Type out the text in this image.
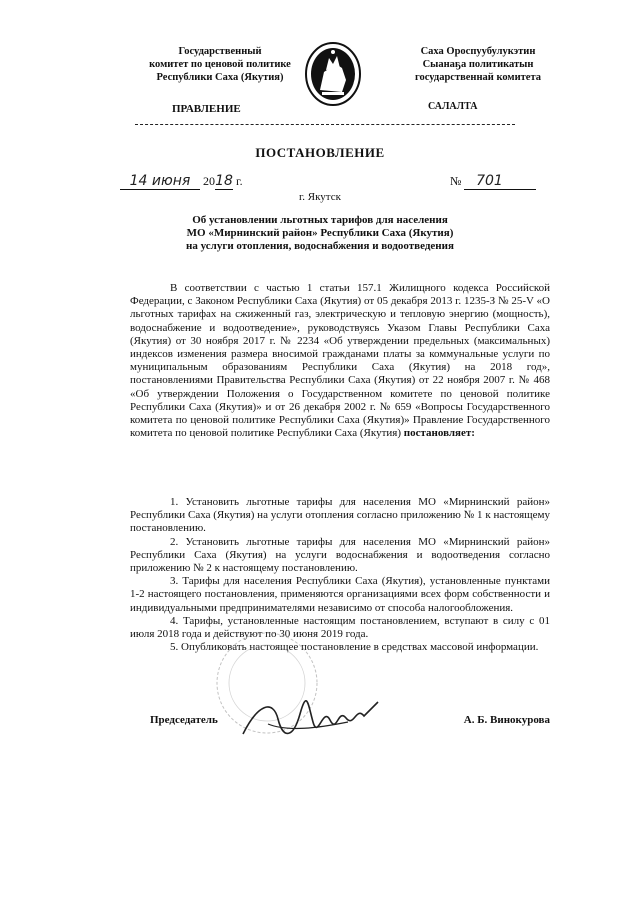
Государственный
комитет по ценовой политике
Республики Саха (Якутия)
Саха Ороспуубулукэтин
Сыанаҕа политикатын
государственнай комитета
ПРАВЛЕНИЕ	САЛАЛТА
ПОСТАНОВЛЕНИЕ
14 июня 2018 г.	№ 701
г. Якутск
Об установлении льготных тарифов для населения
МО «Мирнинский район» Республики Саха (Якутия)
на услуги отопления, водоснабжения и водоотведения

В соответствии с частью 1 статьи 157.1 Жилищного кодекса Российской Федерации, с Законом Республики Саха (Якутия) от 05 декабря 2013 г. 1235-З № 25-V «О льготных тарифах на сжиженный газ, электрическую и тепловую энергию (мощность), водоснабжение и водоотведение», руководствуясь Указом Главы Республики Саха (Якутия) от 30 ноября 2017 г. № 2234 «Об утверждении предельных (максимальных) индексов изменения размера вносимой гражданами платы за коммунальные услуги по муниципальным образованиям Республики Саха (Якутия) на 2018 год», постановлениями Правительства Республики Саха (Якутия) от 22 ноября 2007 г. № 468 «Об утверждении Положения о Государственном комитете по ценовой политике Республики Саха (Якутия)» и от 26 декабря 2002 г. № 659 «Вопросы Государственного комитета по ценовой политике Республики Саха (Якутия)» Правление Государственного комитета по ценовой политике Республики Саха (Якутия) постановляет:

1. Установить льготные тарифы для населения МО «Мирнинский район» Республики Саха (Якутия) на услуги отопления согласно приложению № 1 к настоящему постановлению.

2. Установить льготные тарифы для населения МО «Мирнинский район» Республики Саха (Якутия) на услуги водоснабжения и водоотведения согласно приложению № 2 к настоящему постановлению.

3. Тарифы для населения Республики Саха (Якутия), установленные пунктами 1-2 настоящего постановления, применяются организациями всех форм собственности и индивидуальными предпринимателями независимо от способа налогообложения.

4. Тарифы, установленные настоящим постановлением, вступают в силу с 01 июля 2018 года и действуют по 30 июня 2019 года.

5. Опубликовать настоящее постановление в средствах массовой информации.

Председатель	А. Б. Винокурова
